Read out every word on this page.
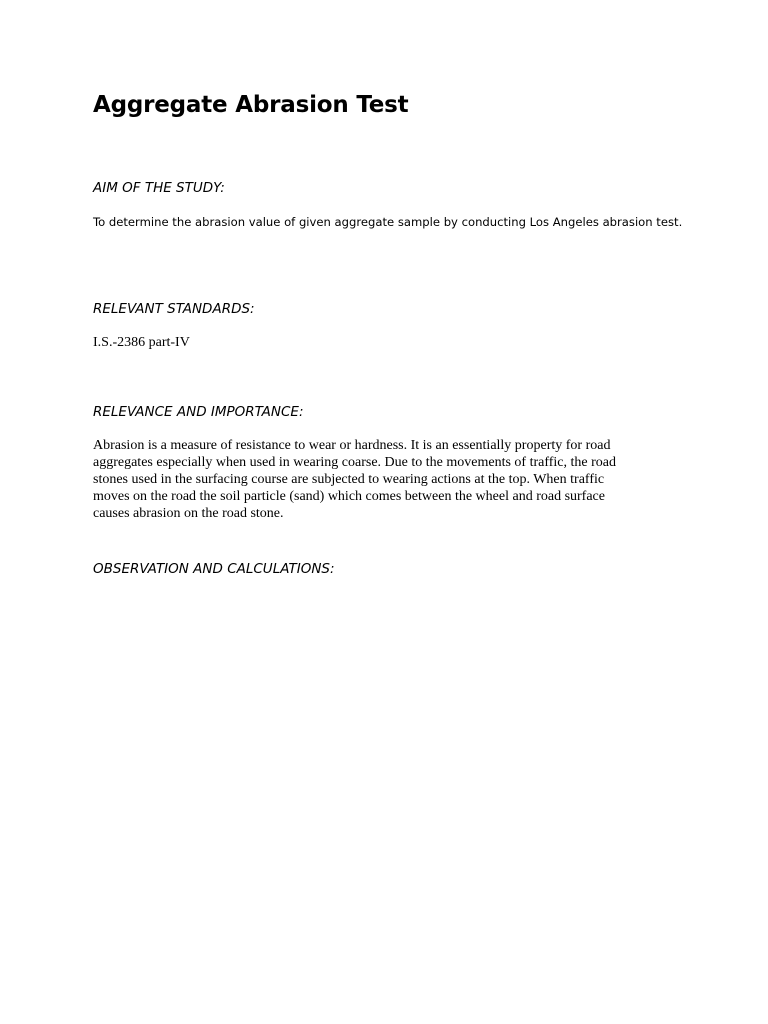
Aggregate Abrasion Test
AIM OF THE STUDY:

To determine the abrasion value of given aggregate sample by conducting Los Angeles abrasion test.

RELEVANT STANDARDS:

I.S.-2386 part-IV

RELEVANCE AND IMPORTANCE:

Abrasion is a measure of resistance to wear or hardness. It is an essentially property for road
aggregates especially when used in wearing coarse. Due to the movements of traffic, the road
stones used in the surfacing course are subjected to wearing actions at the top. When traffic
moves on the road the soil particle (sand) which comes between the wheel and road surface
causes abrasion on the road stone.

OBSERVATION AND CALCULATIONS:
